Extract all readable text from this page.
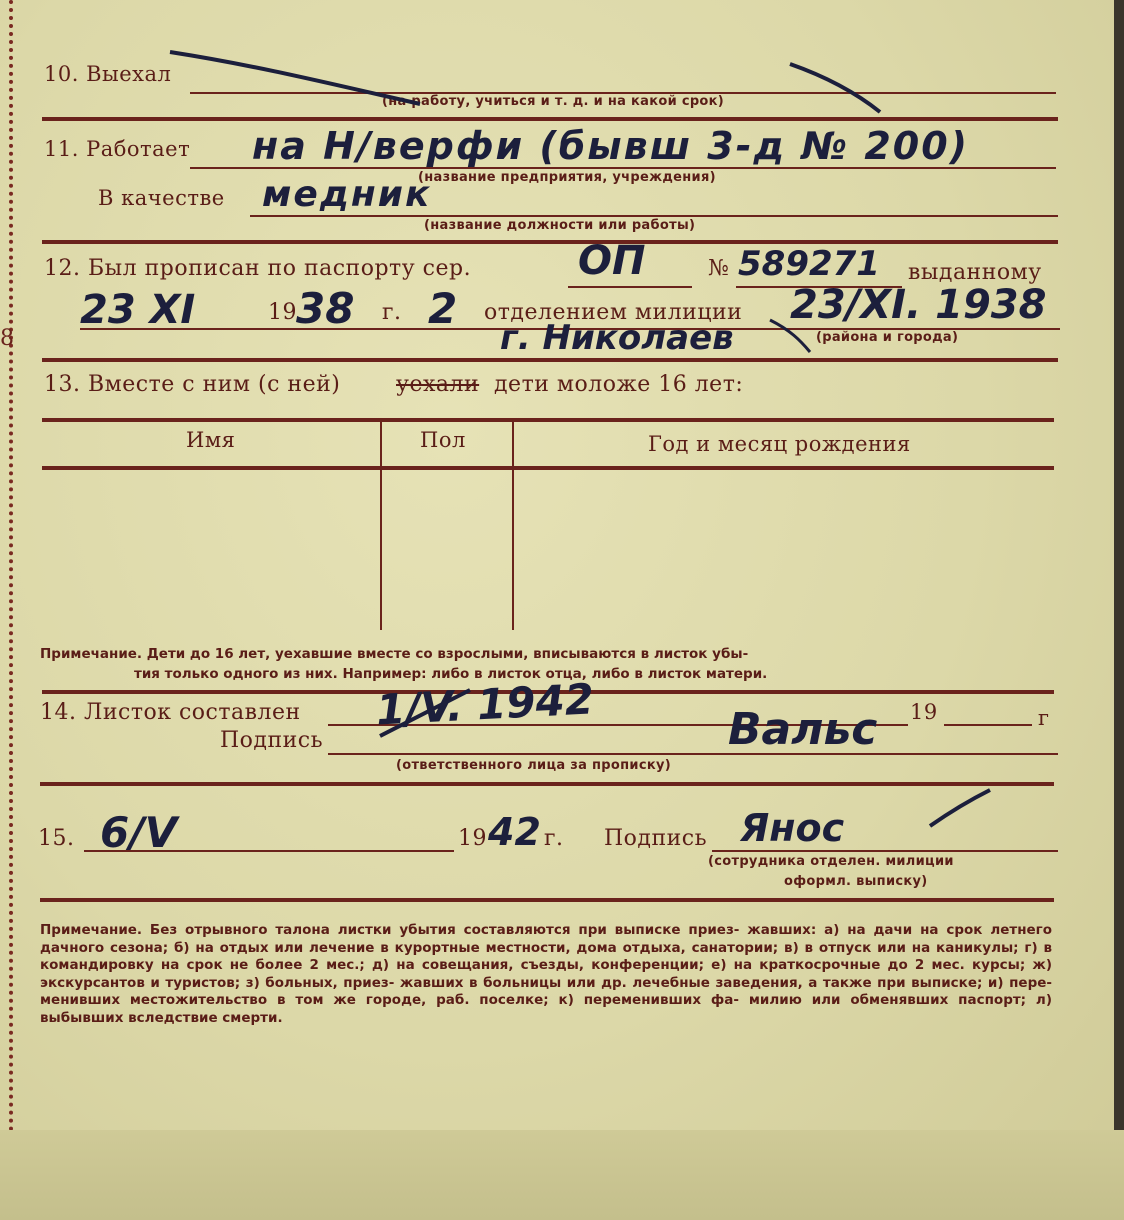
10. Выехал
(на работу, учиться и т. д. и на какой срок)
11. Работает на Н/верфи (бывш 3-д № 200)
(название предприятия, учреждения)
В качестве медник
(название должности или работы)
12. Был прописан по паспорту сер.	ОП	№ 589271 выданному
8
23 XI	19 38 г. 2 отделением милиции 23/XI. 1938
г. Николаев	(района и города)
13. Вместе с ним (с ней)	уехали дети моложе 16 лет:
Имя	Пол	Год и месяц рождения
Примечание. Дети до 16 лет, уехавшие вместе со взрослыми, вписываются в листок убы-
тия только одного из них. Например: либо в листок отца, либо в листок матери.
14. Листок составлен 1/V. 1942	19	г
Подпись	Вальс
(ответственного лица за прописку)
15. 6/V	19 42 г. Подпись Янос
(сотрудника отделен. милиции
оформл. выписку)
Примечание. Без отрывного талона листки убытия составляются при выписке приез- жавших: а) на дачи на срок летнего дачного сезона; б) на отдых или лечение в курортные местности, дома отдыха, санатории; в) в отпуск или на каникулы; г) в командировку на срок не более 2 мес.; д) на совещания, съезды, конференции; е) на краткосрочные до 2 мес. курсы; ж) экскурсантов и туристов; з) больных, приез- жавших в больницы или др. лечебные заведения, а также при выписке; и) пере- менивших местожительство в том же городе, раб. поселке; к) переменивших фа- милию или обменявших паспорт; л) выбывших вследствие смерти.
